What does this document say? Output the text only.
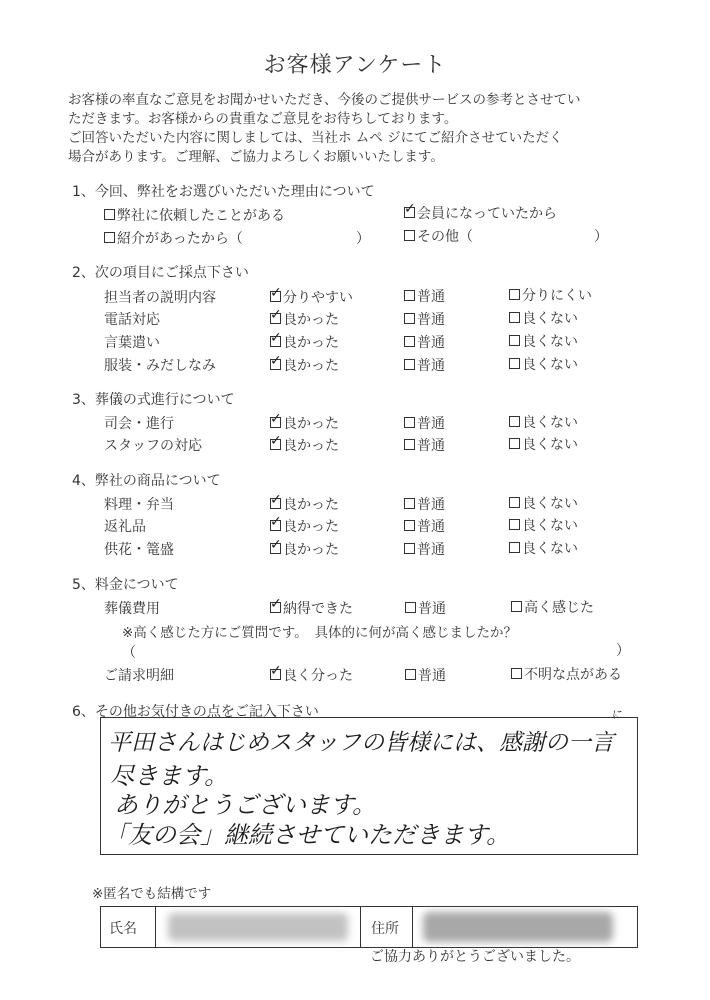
お客様アンケート
お客様の率直なご意見をお聞かせいただき、今後のご提供サービスの参考とさせてい
ただきます。お客様からの貴重なご意見をお待ちしております。
ご回答いただいた内容に関しましては、当社ホ ムペ ジにてご紹介させていただく
場合があります。ご理解、ご協力よろしくお願いいたします。
1、今回、弊社をお選びいただいた理由について
弊社に依頼したことがある	✓ 会員になっていたから
紹介があったから（	）	その他（	）
2、次の項目にご採点下さい
担当者の説明内容	✓ 分りやすい	普通	分りにくい
電話対応	✓ 良かった	普通	良くない
言葉遣い	✓ 良かった	普通	良くない
服装・みだしなみ	✓ 良かった	普通	良くない
3、葬儀の式進行について
司会・進行	✓ 良かった	普通	良くない
スタッフの対応	✓ 良かった	普通	良くない
4、弊社の商品について
料理・弁当	✓ 良かった	普通	良くない
返礼品	✓ 良かった	普通	良くない
供花・篭盛	✓ 良かった	普通	良くない
5、料金について
葬儀費用	✓ 納得できた	普通	高く感じた
※高く感じた方にご質問です。　具体的に何が高く感じましたか？
（	）
ご請求明細	✓ 良く分った	普通	不明な点がある
6、その他お気付きの点をご記入下さい	に
平田さんはじめスタッフの皆様には、感謝の一言
尽きます。
ありがとうございます。
「友の会」継続させていただきます。
※匿名でも結構です
氏名	住所
ご協力ありがとうございました。
